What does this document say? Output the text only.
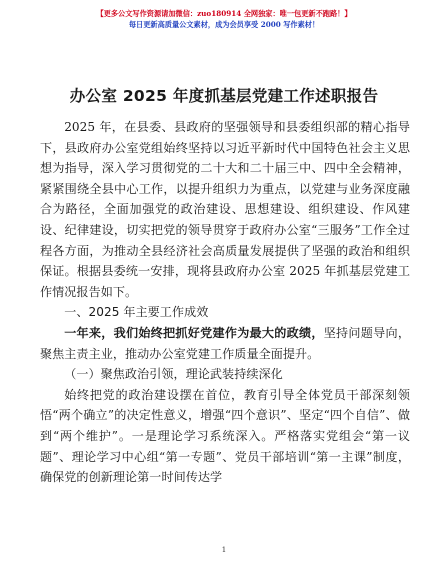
【更多公文写作资源请加微信：zuo180914 全网独家：唯一包更新不跑路！】
每日更新高质量公文素材，成为会员享受 2000 写作素材！
办公室 2025 年度抓基层党建工作述职报告

2025 年，在县委、县政府的坚强领导和县委组织部的精心指导下，县政府办公室党组始终坚持以习近平新时代中国特色社会主义思想为指导，深入学习贯彻党的二十大和二十届三中、四中全会精神，紧紧围绕全县中心工作，以提升组织力为重点，以党建与业务深度融合为路径，全面加强党的政治建设、思想建设、组织建设、作风建设、纪律建设，切实把党的领导贯穿于政府办公室“三服务”工作全过程各方面，为推动全县经济社会高质量发展提供了坚强的政治和组织保证。根据县委统一安排，现将县政府办公室 2025 年抓基层党建工作情况报告如下。

一、2025 年主要工作成效

一年来，我们始终把抓好党建作为最大的政绩，坚持问题导向，聚焦主责主业，推动办公室党建工作质量全面提升。

（一）聚焦政治引领，理论武装持续深化

始终把党的政治建设摆在首位，教育引导全体党员干部深刻领悟“两个确立”的决定性意义，增强“四个意识”、坚定“四个自信”、做到“两个维护”。一是理论学习系统深入。严格落实党组会“第一议题”、理论学习中心组“第一专题”、党员干部培训“第一主课”制度，确保党的创新理论第一时间传达学

1
